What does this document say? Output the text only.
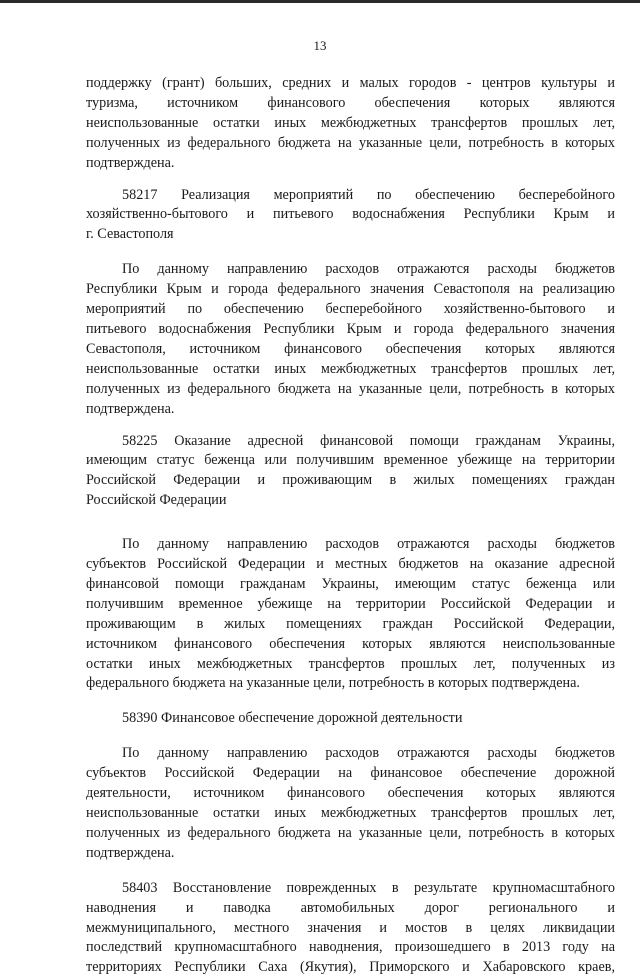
13
поддержку (грант) больших, средних и малых городов - центров культуры и
туризма, источником финансового обеспечения которых являются
неиспользованные остатки иных межбюджетных трансфертов прошлых лет,
полученных из федерального бюджета на указанные цели, потребность в которых
подтверждена.
58217 Реализация мероприятий по обеспечению бесперебойного
хозяйственно-бытового и питьевого водоснабжения Республики Крым и
г. Севастополя
По данному направлению расходов отражаются расходы бюджетов
Республики Крым и города федерального значения Севастополя на реализацию
мероприятий по обеспечению бесперебойного хозяйственно-бытового и
питьевого водоснабжения Республики Крым и города федерального значения
Севастополя, источником финансового обеспечения которых являются
неиспользованные остатки иных межбюджетных трансфертов прошлых лет,
полученных из федерального бюджета на указанные цели, потребность в которых
подтверждена.
58225 Оказание адресной финансовой помощи гражданам Украины,
имеющим статус беженца или получившим временное убежище на территории
Российской Федерации и проживающим в жилых помещениях граждан
Российской Федерации
По данному направлению расходов отражаются расходы бюджетов
субъектов Российской Федерации и местных бюджетов на оказание адресной
финансовой помощи гражданам Украины, имеющим статус беженца или
получившим временное убежище на территории Российской Федерации и
проживающим в жилых помещениях граждан Российской Федерации,
источником финансового обеспечения которых являются неиспользованные
остатки иных межбюджетных трансфертов прошлых лет, полученных из
федерального бюджета на указанные цели, потребность в которых подтверждена.
58390 Финансовое обеспечение дорожной деятельности
По данному направлению расходов отражаются расходы бюджетов
субъектов Российской Федерации на финансовое обеспечение дорожной
деятельности, источником финансового обеспечения которых являются
неиспользованные остатки иных межбюджетных трансфертов прошлых лет,
полученных из федерального бюджета на указанные цели, потребность в которых
подтверждена.
58403 Восстановление поврежденных в результате крупномасштабного
наводнения и паводка автомобильных дорог регионального и
межмуниципального, местного значения и мостов в целях ликвидации
последствий крупномасштабного наводнения, произошедшего в 2013 году на
территориях Республики Саха (Якутия), Приморского и Хабаровского краев,
